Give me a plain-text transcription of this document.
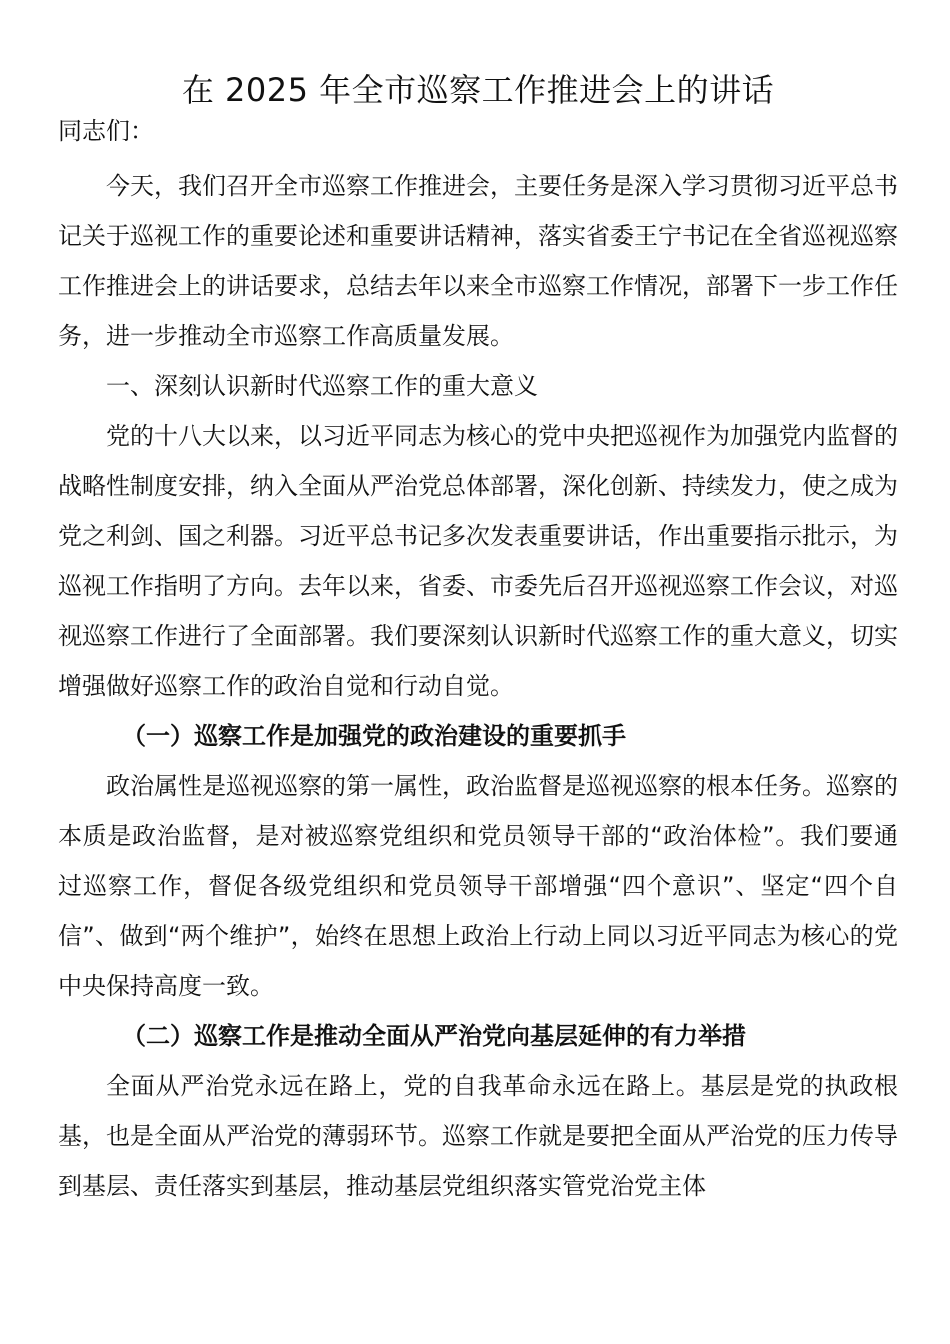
在 2025 年全市巡察工作推进会上的讲话

同志们：

今天，我们召开全市巡察工作推进会，主要任务是深入学习贯彻习近平总书记关于巡视工作的重要论述和重要讲话精神，落实省委王宁书记在全省巡视巡察工作推进会上的讲话要求，总结去年以来全市巡察工作情况，部署下一步工作任务，进一步推动全市巡察工作高质量发展。

一、深刻认识新时代巡察工作的重大意义

党的十八大以来，以习近平同志为核心的党中央把巡视作为加强党内监督的战略性制度安排，纳入全面从严治党总体部署，深化创新、持续发力，使之成为党之利剑、国之利器。习近平总书记多次发表重要讲话，作出重要指示批示，为巡视工作指明了方向。去年以来，省委、市委先后召开巡视巡察工作会议，对巡视巡察工作进行了全面部署。我们要深刻认识新时代巡察工作的重大意义，切实增强做好巡察工作的政治自觉和行动自觉。

（一）巡察工作是加强党的政治建设的重要抓手

政治属性是巡视巡察的第一属性，政治监督是巡视巡察的根本任务。巡察的本质是政治监督，是对被巡察党组织和党员领导干部的“政治体检”。我们要通过巡察工作，督促各级党组织和党员领导干部增强“四个意识”、坚定“四个自信”、做到“两个维护”，始终在思想上政治上行动上同以习近平同志为核心的党中央保持高度一致。

（二）巡察工作是推动全面从严治党向基层延伸的有力举措

全面从严治党永远在路上，党的自我革命永远在路上。基层是党的执政根基，也是全面从严治党的薄弱环节。巡察工作就是要把全面从严治党的压力传导到基层、责任落实到基层，推动基层党组织落实管党治党主体
